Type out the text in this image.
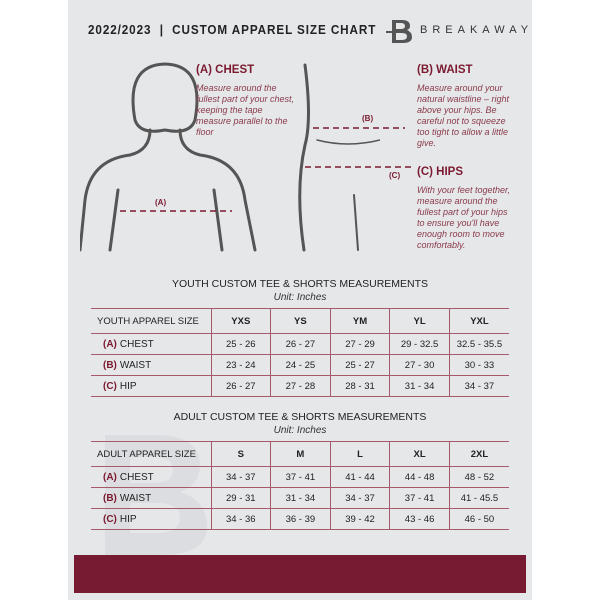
2022/2023  |  CUSTOM APPAREL SIZE CHART	BREAKAWAY
(A)
(B)
(C)
(A) CHEST
Measure around the fullest part of your chest, keeping the tape measure parallel to the floor
(B) WAIST
Measure around your natural waistline – right above your hips. Be careful not to squeeze too tight to allow a little give.
(C) HIPS
With your feet together, measure around the fullest part of your hips to ensure you'll have enough room to move comfortably.
YOUTH CUSTOM TEE & SHORTS MEASUREMENTS
Unit: Inches
YOUTH APPAREL SIZE	YXS	YS	YM	YL	YXL
(A) CHEST	25 - 26	26 - 27	27 - 29	29 - 32.5	32.5 - 35.5
(B) WAIST	23 - 24	24 - 25	25 - 27	27 - 30	30 - 33
(C) HIP	26 - 27	27 - 28	28 - 31	31 - 34	34 - 37
ADULT CUSTOM TEE & SHORTS MEASUREMENTS
Unit: Inches
ADULT APPAREL SIZE	S	M	L	XL	2XL
(A) CHEST	34 - 37	37 - 41	41 - 44	44 - 48	48 - 52
(B) WAIST	29 - 31	31 - 34	34 - 37	37 - 41	41 - 45.5
(C) HIP	34 - 36	36 - 39	39 - 42	43 - 46	46 - 50
